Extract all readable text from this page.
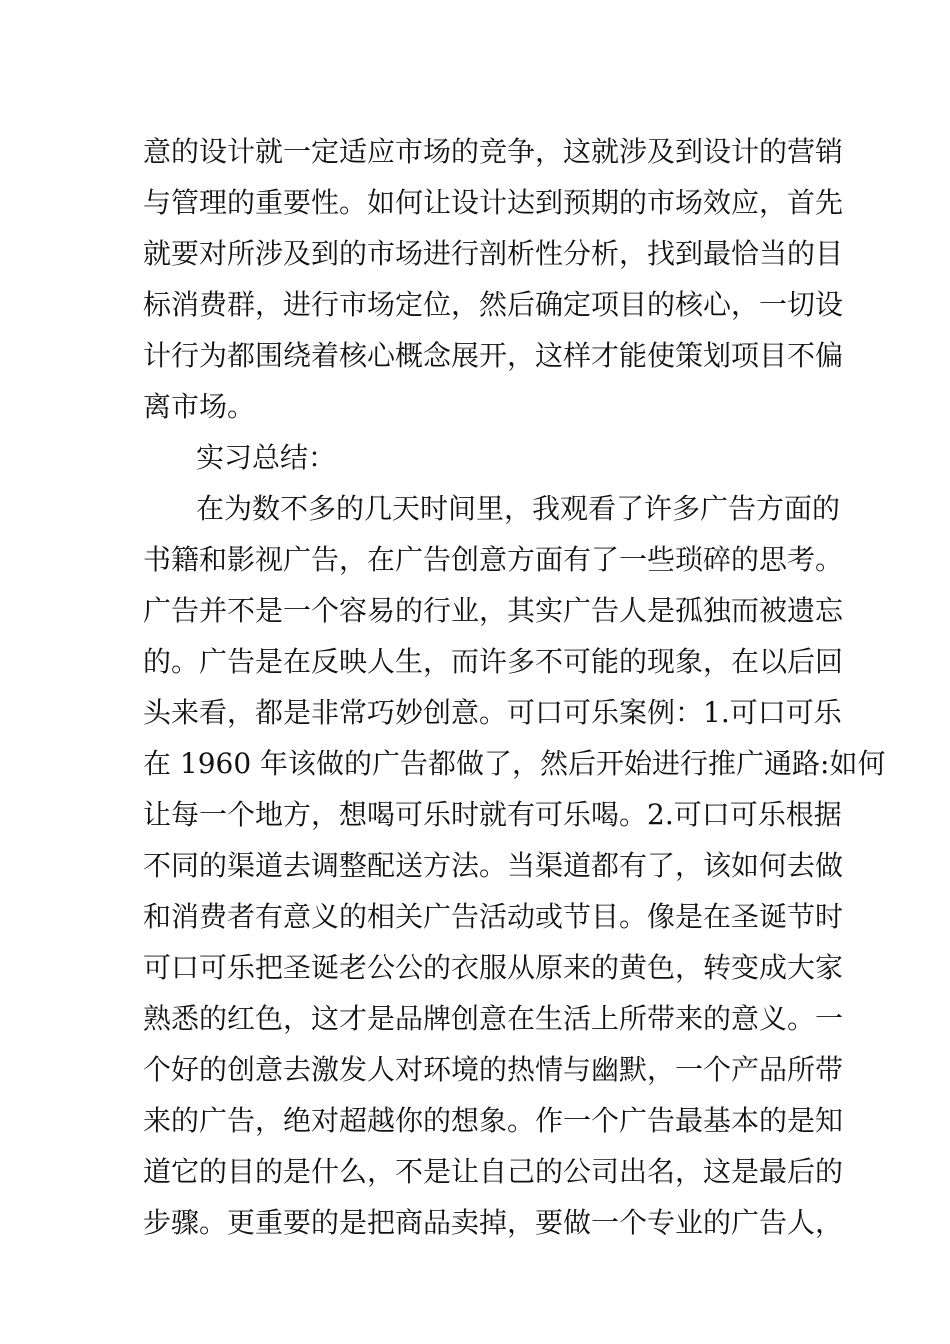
意的设计就一定适应市场的竞争，这就涉及到设计的营销
与管理的重要性。如何让设计达到预期的市场效应，首先
就要对所涉及到的市场进行剖析性分析，找到最恰当的目
标消费群，进行市场定位，然后确定项目的核心，一切设
计行为都围绕着核心概念展开，这样才能使策划项目不偏
离市场。
实习总结：
在为数不多的几天时间里，我观看了许多广告方面的
书籍和影视广告，在广告创意方面有了一些琐碎的思考。
广告并不是一个容易的行业，其实广告人是孤独而被遗忘
的。广告是在反映人生，而许多不可能的现象，在以后回
头来看，都是非常巧妙创意。可口可乐案例：1.可口可乐
在 1960 年该做的广告都做了，然后开始进行推广通路:如何
让每一个地方，想喝可乐时就有可乐喝。2.可口可乐根据
不同的渠道去调整配送方法。当渠道都有了，该如何去做
和消费者有意义的相关广告活动或节目。像是在圣诞节时
可口可乐把圣诞老公公的衣服从原来的黄色，转变成大家
熟悉的红色，这才是品牌创意在生活上所带来的意义。一
个好的创意去激发人对环境的热情与幽默，一个产品所带
来的广告，绝对超越你的想象。作一个广告最基本的是知
道它的目的是什么，不是让自己的公司出名，这是最后的
步骤。更重要的是把商品卖掉，要做一个专业的广告人，
